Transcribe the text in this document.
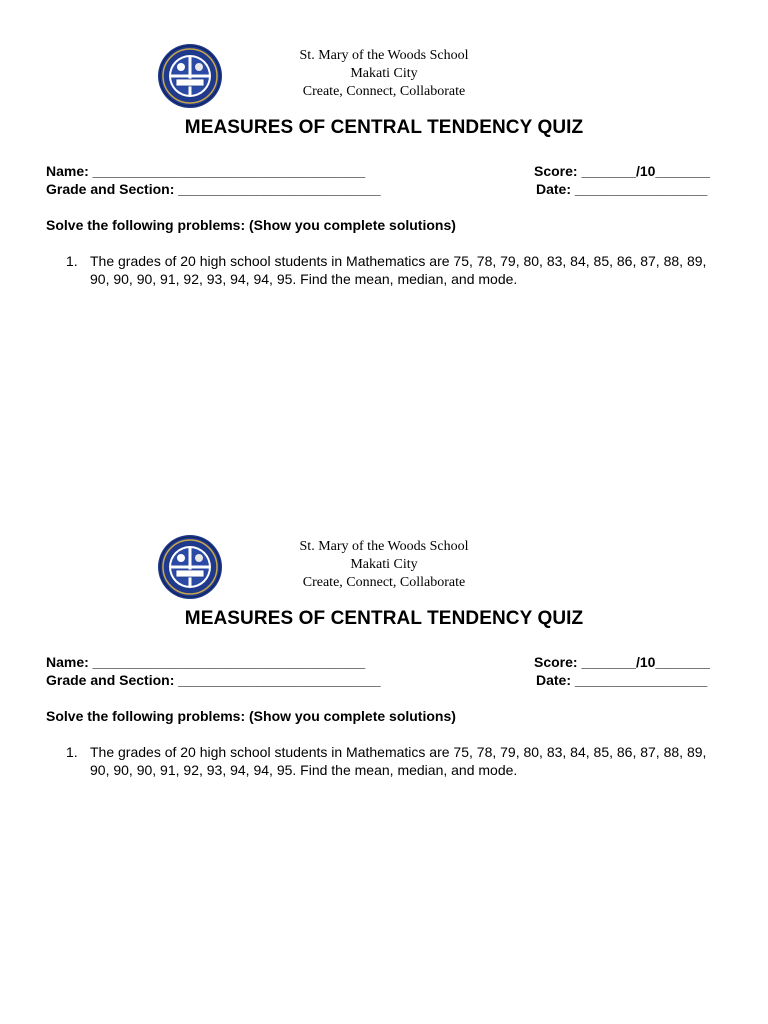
St. Mary of the Woods School
Makati City
Create, Connect, Collaborate
MEASURES OF CENTRAL TENDENCY QUIZ
Name: ___________________________________
Grade and Section: __________________________
Score: _______/10_______
Date: _________________
Solve the following problems: (Show you complete solutions)
1. The grades of 20 high school students in Mathematics are 75, 78, 79, 80, 83, 84, 85, 86, 87, 88, 89, 90, 90, 90, 91, 92, 93, 94, 94, 95. Find the mean, median, and mode.
St. Mary of the Woods School
Makati City
Create, Connect, Collaborate
MEASURES OF CENTRAL TENDENCY QUIZ
Name: ___________________________________
Grade and Section: __________________________
Score: _______/10_______
Date: _________________
Solve the following problems: (Show you complete solutions)
1. The grades of 20 high school students in Mathematics are 75, 78, 79, 80, 83, 84, 85, 86, 87, 88, 89, 90, 90, 90, 91, 92, 93, 94, 94, 95. Find the mean, median, and mode.
